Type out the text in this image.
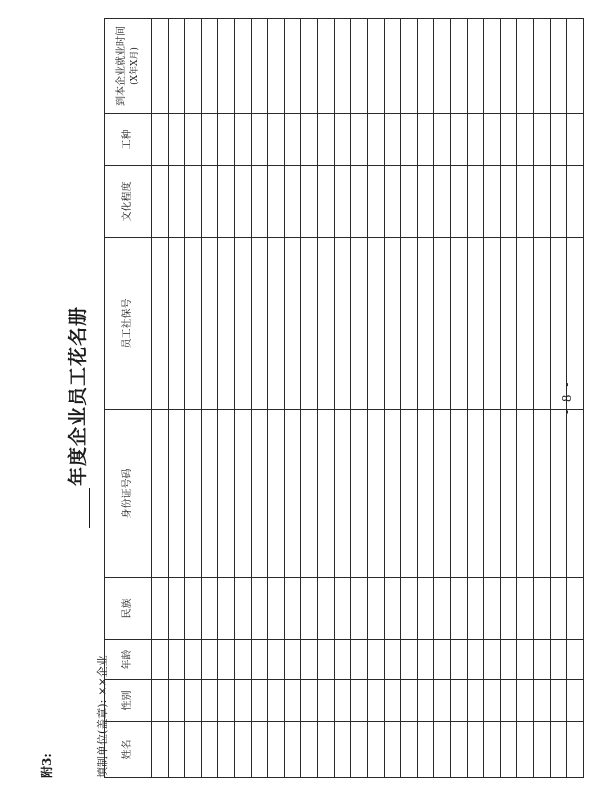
附3:
年度企业员工花名册
填制单位(盖章):××企业
姓名	性别	年龄	民族	身份证号码	员工社保号	文化程度	工种	到本企业就业时间 (X年X月)

- 8 -
